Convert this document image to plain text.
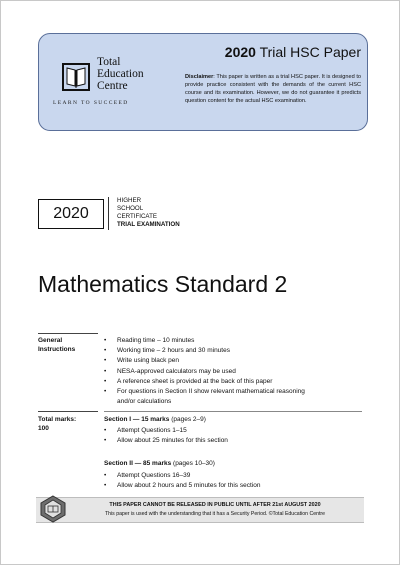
Total
Education
Centre
LEARN TO SUCCEED
2020 Trial HSC Paper
Disclaimer: This paper is written as a trial HSC paper. It is designed to provide practice consistent with the demands of the current HSC course and its examination. However, we do not guarantee it predicts question content for the actual HSC examination.
2020
HIGHER
SCHOOL
CERTIFICATE
TRIAL EXAMINATION
Mathematics Standard 2
General
Instructions
• Reading time – 10 minutes
• Working time – 2 hours and 30 minutes
• Write using black pen
• NESA-approved calculators may be used
• A reference sheet is provided at the back of this paper
• For questions in Section II show relevant mathematical reasoning
and/or calculations
Total marks:
100
Section I — 15 marks (pages 2–9)
• Attempt Questions 1–15
• Allow about 25 minutes for this section
Section II — 85 marks (pages 10–30)
• Attempt Questions 16–39
• Allow about 2 hours and 5 minutes for this section
THIS PAPER CANNOT BE RELEASED IN PUBLIC UNTIL AFTER 21st AUGUST 2020
This paper is used with the understanding that it has a Security Period. ©Total Education Centre
